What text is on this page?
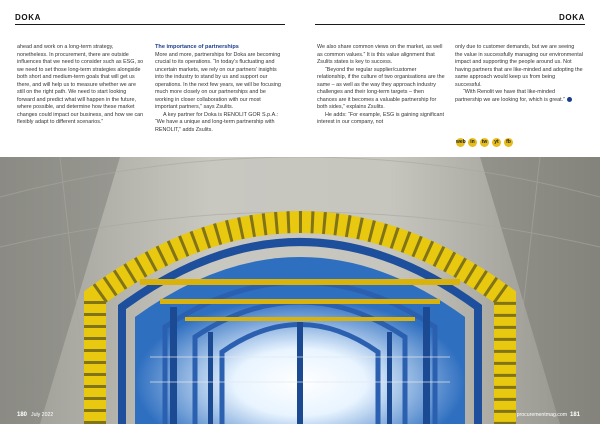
DOKA	DOKA

ahead and work on a long-term strategy, nonetheless. In procurement, there are outside influences that we need to consider such as ESG, so we need to set those long-term strategies alongside both short and medium-term goals that will get us there, and will help us to measure whether we are still on the right path. We need to start looking forward and predict what will happen in the future, where possible, and determine how these market changes could impact our business, and how we can flexibly adapt to different scenarios.”

The importance of partnerships

More and more, partnerships for Doka are becoming crucial to its operations. “In today’s fluctuating and uncertain markets, we rely on our partners’ insights into the industry to stand by us and support our operations. In the next few years, we will be focusing much more closely on our partnerships and be working in closer collaboration with our most important partners,” says Zsulits.

A key partner for Doka is RENOLIT GOR S.p.A.: “We have a unique and long-term partnership with RENOLIT,” adds Zsulits.

We also share common views on the market, as well as common values.” It is this value alignment that Zsulits states is key to success.

“Beyond the regular supplier/customer relationship, if the culture of two organisations are the same – as well as the way they approach industry challenges and their long-term targets – then chances are it becomes a valuable partnership for both sides,” explains Zsulits.

He adds: “For example, ESG is gaining significant interest in our company, not

only due to customer demands, but we are seeing the value in successfully managing our environmental impact and supporting the people around us. Not having partners that are like-minded and adopting the same approach would keep us from being successful.

“With Renolit we have that like-minded partnership we are looking for, which is great.”

web in	tw	yt	fb
180 July 2022	procurementmag.com 181
